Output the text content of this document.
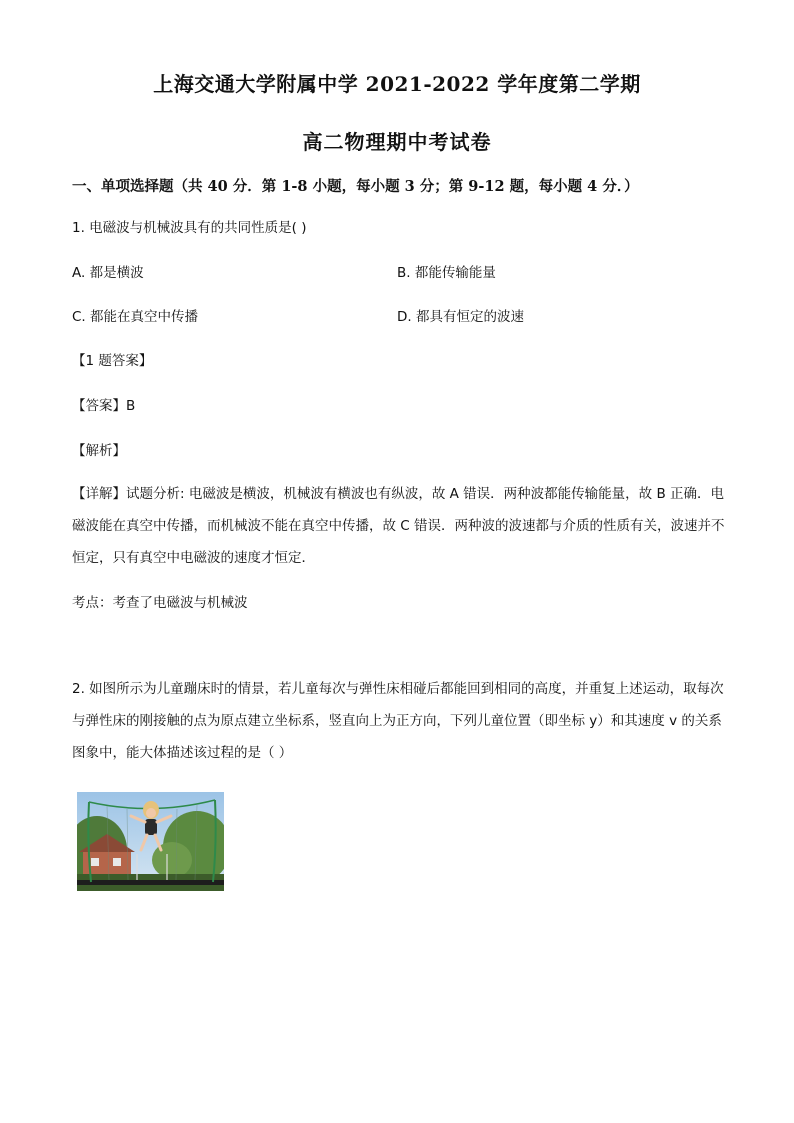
上海交通大学附属中学 2021-2022 学年度第二学期
高二物理期中考试卷
一、单项选择题（共 40 分．第 1-8 小题，每小题 3 分；第 9-12 题，每小题 4 分．）
1. 电磁波与机械波具有的共同性质是( )
A. 都是横波	B. 都能传输能量
C. 都能在真空中传播	D. 都具有恒定的波速
【1 题答案】
【答案】B
【解析】
【详解】试题分析: 电磁波是横波，机械波有横波也有纵波，故 A 错误．两种波都能传输能量，故 B 正确．电磁波能在真空中传播，而机械波不能在真空中传播，故 C 错误．两种波的波速都与介质的性质有关，波速并不恒定，只有真空中电磁波的速度才恒定．
考点：考查了电磁波与机械波
2. 如图所示为儿童蹦床时的情景，若儿童每次与弹性床相碰后都能回到相同的高度，并重复上述运动，取每次与弹性床的刚接触的点为原点建立坐标系，竖直向上为正方向，下列儿童位置（即坐标 y）和其速度 v 的关系图象中，能大体描述该过程的是（ ）
